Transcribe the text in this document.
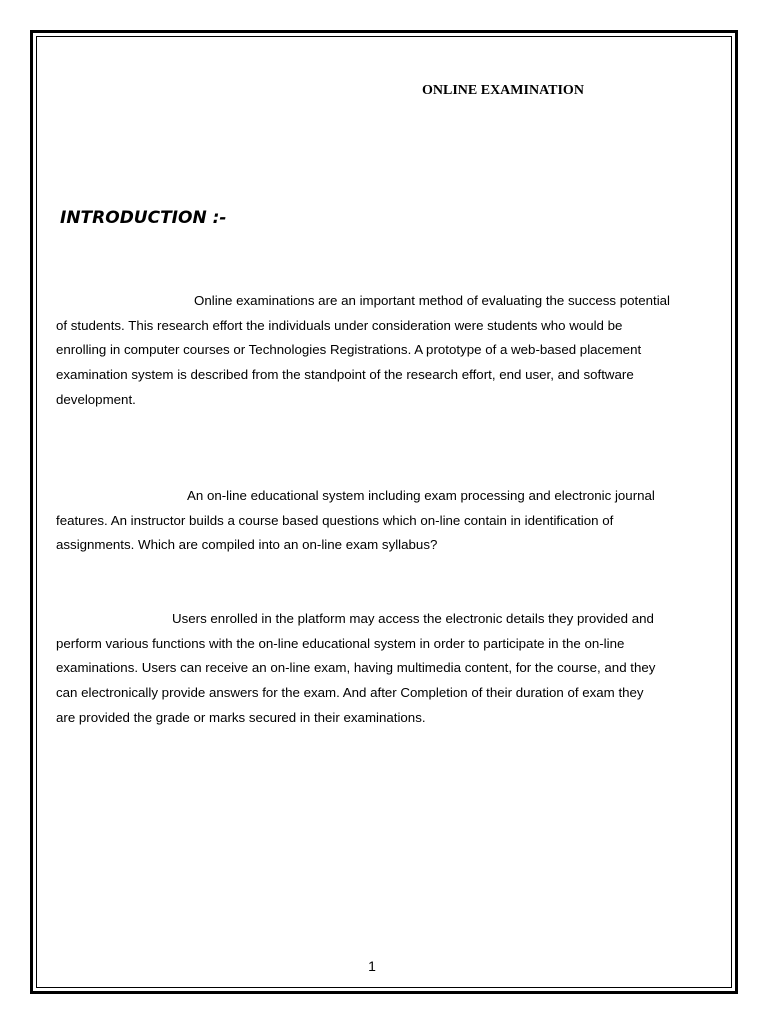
ONLINE EXAMINATION
INTRODUCTION :-

Online examinations are an important method of evaluating the success potential
of students. This research effort the individuals under consideration were students who would be
enrolling in computer courses or Technologies Registrations. A prototype of a web-based placement
examination system is described from the standpoint of the research effort, end user, and software
development.

An on-line educational system including exam processing and electronic journal
features. An instructor builds a course based questions which on-line contain in identification of
assignments. Which are compiled into an on-line exam syllabus?

Users enrolled in the platform may access the electronic details they provided and
perform various functions with the on-line educational system in order to participate in the on-line
examinations. Users can receive an on-line exam, having multimedia content, for the course, and they
can electronically provide answers for the exam. And after Completion of their duration of exam they
are provided the grade or marks secured in their examinations.

1
